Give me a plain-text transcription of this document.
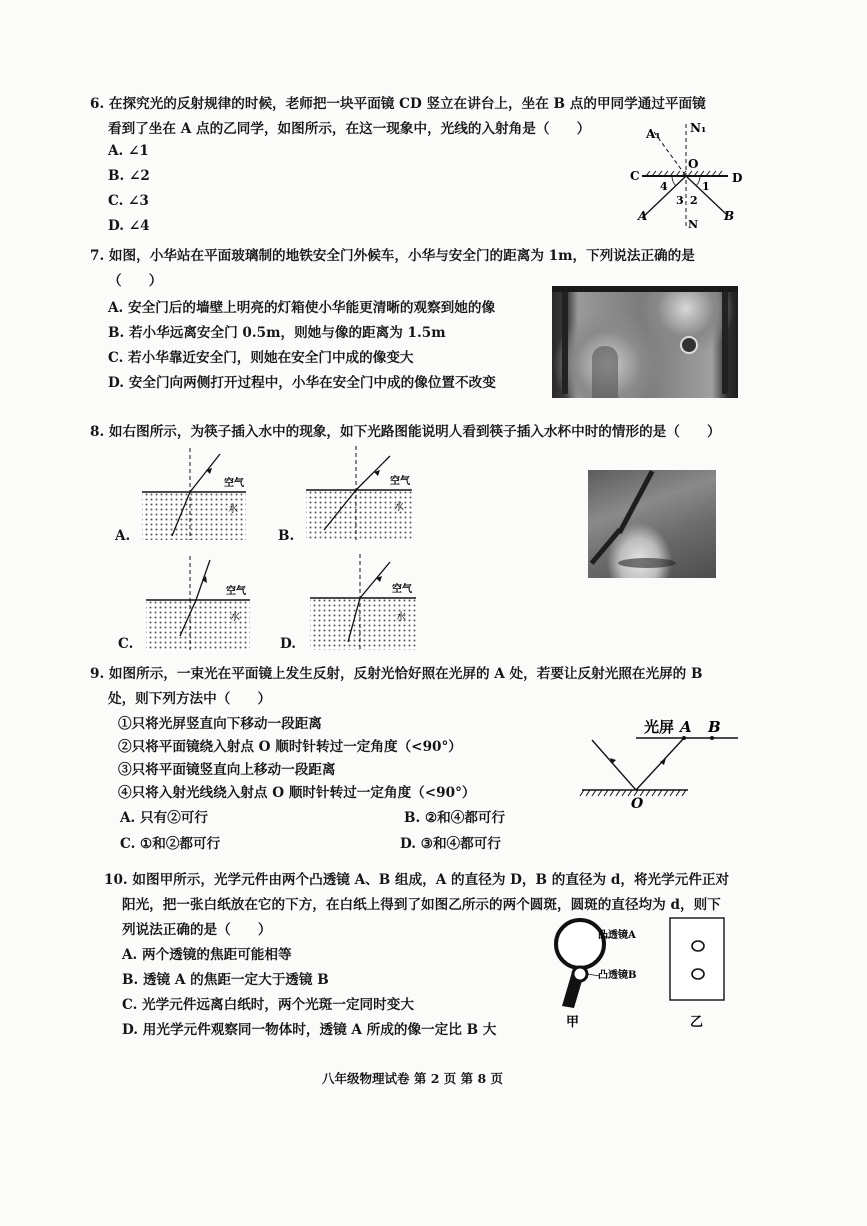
6. 在探究光的反射规律的时候，老师把一块平面镜 CD 竖立在讲台上，坐在 B 点的甲同学通过平面镜
看到了坐在 A 点的乙同学，如图所示，在这一现象中，光线的入射角是（　　）
A. ∠1
B. ∠2
C. ∠3
D. ∠4
A₁ N₁
O
C	D
A	B
N
1
2
3
4
7. 如图，小华站在平面玻璃制的地铁安全门外候车，小华与安全门的距离为 1m，下列说法正确的是
（　　）
A. 安全门后的墙壁上明亮的灯箱使小华能更清晰的观察到她的像
B. 若小华远离安全门 0.5m，则她与像的距离为 1.5m
C. 若小华靠近安全门，则她在安全门中成的像变大
D. 安全门向两侧打开过程中，小华在安全门中成的像位置不改变
8. 如右图所示，为筷子插入水中的现象，如下光路图能说明人看到筷子插入水杯中时的情形的是（　　）
A.
空气
水
B.
空气
水
C.
空气
水
D.
空气
水
9. 如图所示，一束光在平面镜上发生反射，反射光恰好照在光屏的 A 处，若要让反射光照在光屏的 B
处，则下列方法中（　　）
①只将光屏竖直向下移动一段距离
②只将平面镜绕入射点 O 顺时针转过一定角度（<90°）
③只将平面镜竖直向上移动一段距离
④只将入射光线绕入射点 O 顺时针转过一定角度（<90°）
A. 只有②可行	B. ②和④都可行
C. ①和②都可行	D. ③和④都可行
光屏 A B
O
10. 如图甲所示，光学元件由两个凸透镜 A、B 组成，A 的直径为 D，B 的直径为 d，将光学元件正对
阳光，把一张白纸放在它的下方，在白纸上得到了如图乙所示的两个圆斑，圆斑的直径均为 d，则下
列说法正确的是（　　）
A. 两个透镜的焦距可能相等
B. 透镜 A 的焦距一定大于透镜 B
C. 光学元件远离白纸时，两个光斑一定同时变大
D. 用光学元件观察同一物体时，透镜 A 所成的像一定比 B 大
凸透镜A
凸透镜B
甲	乙
八年级物理试卷 第 2 页 第 8 页
